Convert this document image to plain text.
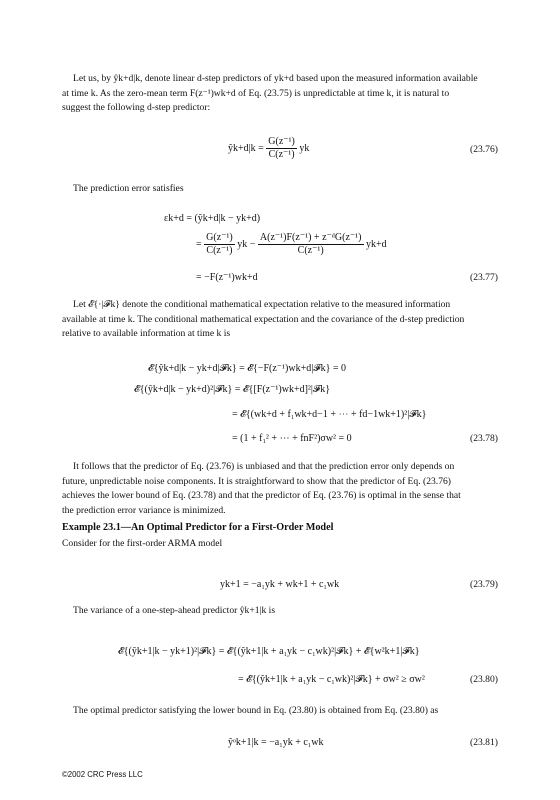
Let us, by ŷk+d|k, denote linear d-step predictors of yk+d based upon the measured information available
at time k. As the zero-mean term F(z⁻¹)wk+d of Eq. (23.75) is unpredictable at time k, it is natural to
suggest the following d-step predictor:
ŷk+d|k = $\frac{\text{G(z⁻¹)}}{\text{C(z⁻¹)}}$ yk	(23.76)
The prediction error satisfies
εk+d = (ŷk+d|k − yk+d)
= $\frac{\text{G(z⁻¹)}}{\text{C(z⁻¹)}}$ yk − $\frac{\text{A(z⁻¹)F(z⁻¹) + z⁻ᵈG(z⁻¹)}}{\text{C(z⁻¹)}} yk+d$
= −F(z⁻¹)wk+d	(23.77)
Let 𝓔{·|𝓕k} denote the conditional mathematical expectation relative to the measured information
available at time k. The conditional mathematical expectation and the covariance of the d-step prediction
relative to available information at time k is
𝓔{ŷk+d|k − yk+d|𝓕k} = 𝓔{−F(z⁻¹)wk+d|𝓕k} = 0
𝓔{(ŷk+d|k − yk+d)²|𝓕k} = 𝓔{[F(z⁻¹)wk+d]²|𝓕k}
= 𝓔{(wk+d + f₁wk+d−1 + ⋯ + fd−1wk+1)²|𝓕k}
= (1 + f₁² + ⋯ + fnF²)σw² = 0	(23.78)
It follows that the predictor of Eq. (23.76) is unbiased and that the prediction error only depends on
future, unpredictable noise components. It is straightforward to show that the predictor of Eq. (23.76)
achieves the lower bound of Eq. (23.78) and that the predictor of Eq. (23.76) is optimal in the sense that
the prediction error variance is minimized.
Example 23.1—An Optimal Predictor for a First-Order Model
Consider for the first-order ARMA model
yk+1 = −a₁yk + wk+1 + c₁wk	(23.79)
The variance of a one-step-ahead predictor ŷk+1|k is
𝓔{(ŷk+1|k − yk+1)²|𝓕k} = 𝓔{(ŷk+1|k + a₁yk − c₁wk)²|𝓕k} + 𝓔{w²k+1|𝓕k}
= 𝓔{(ŷk+1|k + a₁yk − c₁wk)²|𝓕k} + σw² ≥ σw²	(23.80)
The optimal predictor satisfying the lower bound in Eq. (23.80) is obtained from Eq. (23.80) as
ŷᵒk+1|k = −a₁yk + c₁wk	(23.81)
©2002 CRC Press LLC
